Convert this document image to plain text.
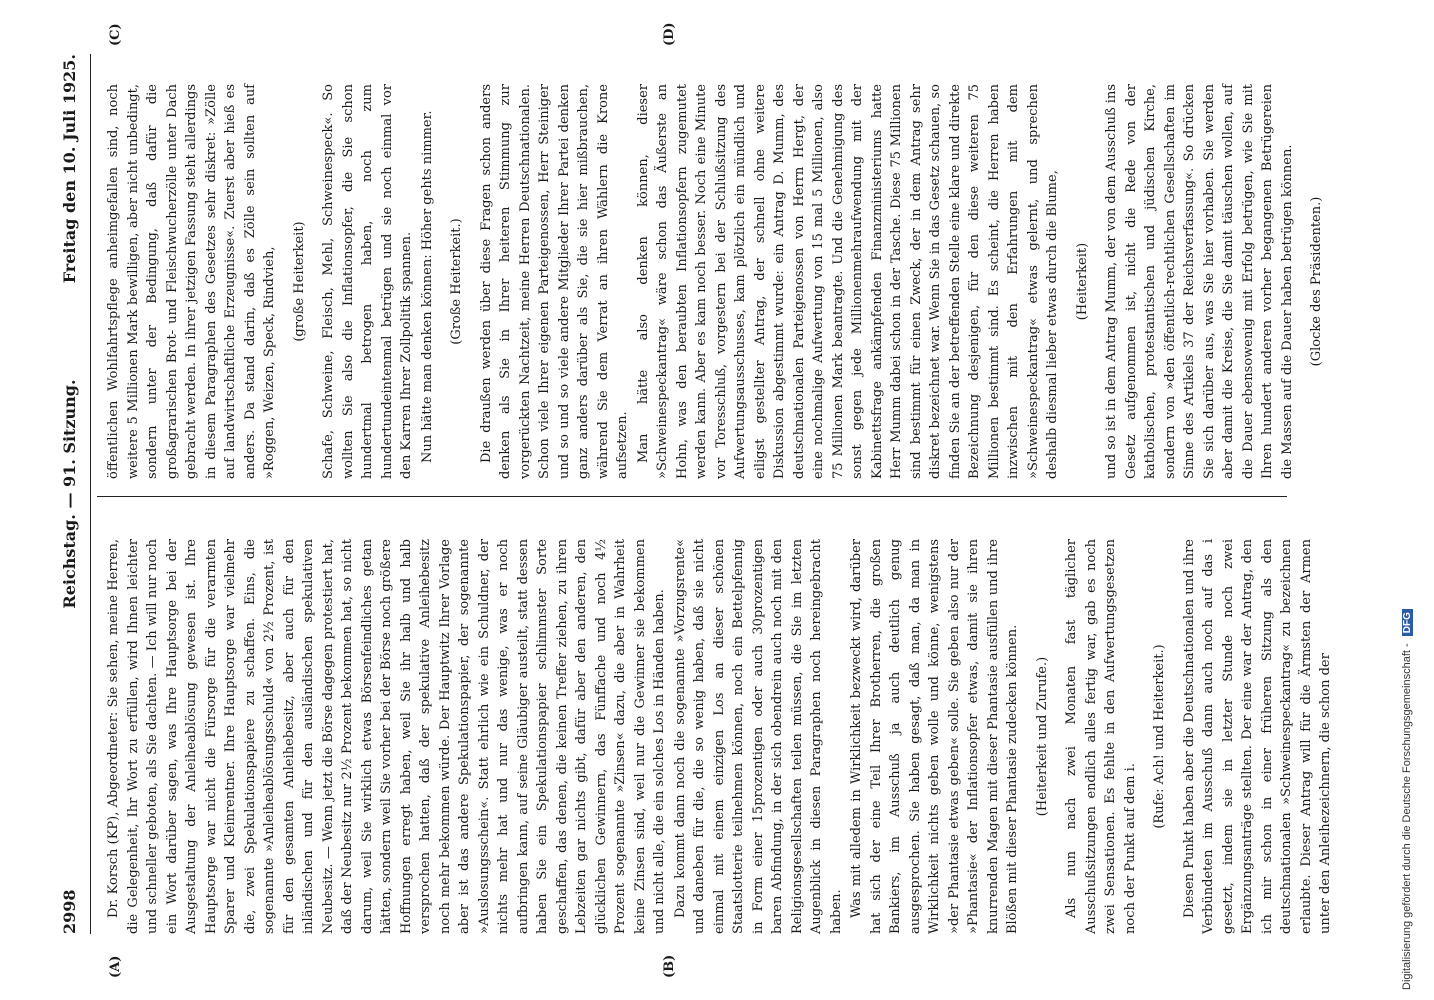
2998
Reichstag. — 91. Sitzung.
Freitag den 10. Juli 1925.
(A)	(B)
(C)	(D)

Dr. Korsch (KP), Abgeordneter: Sie sehen, meine Herren, die Gelegenheit, Ihr Wort zu erfüllen, wird Ihnen leichter und schneller geboten, als Sie dachten. — Ich will nur noch ein Wort darüber sagen, was Ihre Hauptsorge bei der Ausgestaltung der Anleiheablösung gewesen ist. Ihre Hauptsorge war nicht die Fürsorge für die verarmten Sparer und Kleinrentner. Ihre Hauptsorge war vielmehr die, zwei Spekulationspapiere zu schaffen. Eins, die sogenannte »Anleiheablösungsschuld« von 2½ Prozent, ist für den gesamten Anleihebesitz, aber auch für den inländischen und für den ausländischen spekulativen Neubesitz. — Wenn jetzt die Börse dagegen protestiert hat, daß der Neubesitz nur 2½ Prozent bekommen hat, so nicht darum, weil Sie wirklich etwas Börsenfeindliches getan hätten, sondern weil Sie vorher bei der Börse noch größere Hoffnungen erregt haben, weil Sie ihr halb und halb versprochen hatten, daß der spekulative Anleihebesitz noch mehr bekommen würde. Der Hauptwitz Ihrer Vorlage aber ist das andere Spekulationspapier, der sogenannte »Auslosungsschein«. Statt ehrlich wie ein Schuldner, der nichts mehr hat und nur das wenige, was er noch aufbringen kann, auf seine Gläubiger austeilt, statt dessen haben Sie ein Spekulationspapier schlimmster Sorte geschaffen, das denen, die keinen Treffer ziehen, zu ihren Lebzeiten gar nichts gibt, dafür aber den anderen, den glücklichen Gewinnern, das Fünffache und noch 4½ Prozent sogenannte »Zinsen« dazu, die aber in Wahrheit keine Zinsen sind, weil nur die Gewinner sie bekommen und nicht alle, die ein solches Los in Händen haben. Dazu kommt dann noch die sogenannte »Vorzugsrente« und daneben für die, die so wenig haben, daß sie nicht einmal mit einem einzigen Los an dieser schönen Staatslotterie teilnehmen können, noch ein Bettelpfennig in Form einer 15prozentigen oder auch 30prozentigen baren Abfindung, in der sich obendrein auch noch mit den Religionsgesellschaften teilen müssen, die Sie im letzten Augenblick in diesen Paragraphen noch hereingebracht haben. Was mit alledem in Wirklichkeit bezweckt wird, darüber hat sich der eine Teil Ihrer Brotherren, die großen Bankiers, im Ausschuß ja auch deutlich genug ausgesprochen. Sie haben gesagt, daß man, da man in Wirklichkeit nichts geben wolle und könne, wenigstens »der Phantasie etwas geben« solle. Sie geben also nur der »Phantasie« der Inflationsopfer etwas, damit sie ihren knurrenden Magen mit dieser Phantasie ausfüllen und ihre Blößen mit dieser Phantasie zudecken können. (Heiterkeit und Zurufe.) Als nun nach zwei Monaten fast täglicher Ausschußsitzungen endlich alles fertig war, gab es noch zwei Sensationen. Es fehlte in den Aufwertungsgesetzen noch der Punkt auf dem i.

(Rufe: Ach! und Heiterkeit.) Diesen Punkt haben aber die Deutschnationalen und ihre Verbündeten im Ausschuß dann auch noch auf das i gesetzt, indem sie in letzter Stunde noch zwei Ergänzungsanträge stellten. Der eine war der Antrag, den ich mir schon in einer früheren Sitzung als den deutschnationalen »Schweinespeckantrag« zu bezeichnen erlaubte. Dieser Antrag will für die Ärmsten der Armen unter den Anleihezeichnern, die schon der

öffentlichen Wohlfahrtspflege anheimgefallen sind, noch weitere 5 Millionen Mark bewilligen, aber nicht unbedingt, sondern unter der Bedingung, daß dafür die großagrarischen Brot- und Fleischwucherzölle unter Dach gebracht werden. In ihrer jetzigen Fassung steht allerdings in diesem Paragraphen des Gesetzes sehr diskret: »Zölle auf landwirtschaftliche Erzeugnisse«. Zuerst aber hieß es anders. Da stand darin, daß es Zölle sein sollten auf »Roggen, Weizen, Speck, Rindvieh, (große Heiterkeit) Schafe, Schweine, Fleisch, Mehl, Schweinespeck«. So wollten Sie also die Inflationsopfer, die Sie schon hundertmal betrogen haben, noch zum hundertundeintenmal betrügen und sie noch einmal vor den Karren Ihrer Zollpolitik spannen. Nun hätte man denken können: Höher gehts nimmer. (Große Heiterkeit.) Die draußen werden über diese Fragen schon anders denken als Sie in Ihrer heiteren Stimmung zur vorgerückten Nachtzeit, meine Herren Deutschnationalen. Schon viele Ihrer eigenen Parteigenossen, Herr Steiniger und so und so viele andere Mitglieder Ihrer Partei denken ganz anders darüber als Sie, die sie hier mißbrauchen, während Sie dem Verrat an ihren Wählern die Krone aufsetzen. Man hätte also denken können, dieser »Schweinespeckantrag« wäre schon das Äußerste an Hohn, was den beraubten Inflationsopfern zugemutet werden kann. Aber es kam noch besser. Noch eine Minute vor Toresschluß, vorgestern bei der Schlußsitzung des Aufwertungsausschusses, kam plötzlich ein mündlich und eiligst gestellter Antrag, der schnell ohne weitere Diskussion abgestimmt wurde: ein Antrag D. Mumm, des deutschnationalen Parteigenossen von Herrn Hergt, der eine nochmalige Aufwertung von 15 mal 5 Millionen, also 75 Millionen Mark beantragte. Und die Genehmigung des sonst gegen jede Millionenmehraufwendung mit der Kabinettsfrage ankämpfenden Finanzministeriums hatte Herr Mumm dabei schon in der Tasche. Diese 75 Millionen sind bestimmt für einen Zweck, der in dem Antrag sehr diskret bezeichnet war. Wenn Sie in das Gesetz schauen, so finden Sie an der betreffenden Stelle eine klare und direkte Bezeichnung desjenigen, für den diese weiteren 75 Millionen bestimmt sind. Es scheint, die Herren haben inzwischen mit den Erfahrungen mit dem »Schweinespeckantrag« etwas gelernt, und sprechen deshalb diesmal lieber etwas durch die Blume, (Heiterkeit) und so ist in dem Antrag Mumm, der von dem Ausschuß ins Gesetz aufgenommen ist, nicht die Rede von der katholischen, protestantischen und jüdischen Kirche, sondern von »den öffentlich-rechtlichen Gesellschaften im Sinne des Artikels 37 der Reichsverfassung«. So drücken Sie sich darüber aus, was Sie hier vorhaben. Sie werden aber damit die Kreise, die Sie damit täuschen wollen, auf die Dauer ebensowenig mit Erfolg betrügen, wie Sie mit Ihren hundert anderen vorher begangenen Betrügereien die Massen auf die Dauer haben betrügen können. (Glocke des Präsidenten.)

Digitalisierung gefördert durch die Deutsche Forschungsgemeinschaft - DFG
